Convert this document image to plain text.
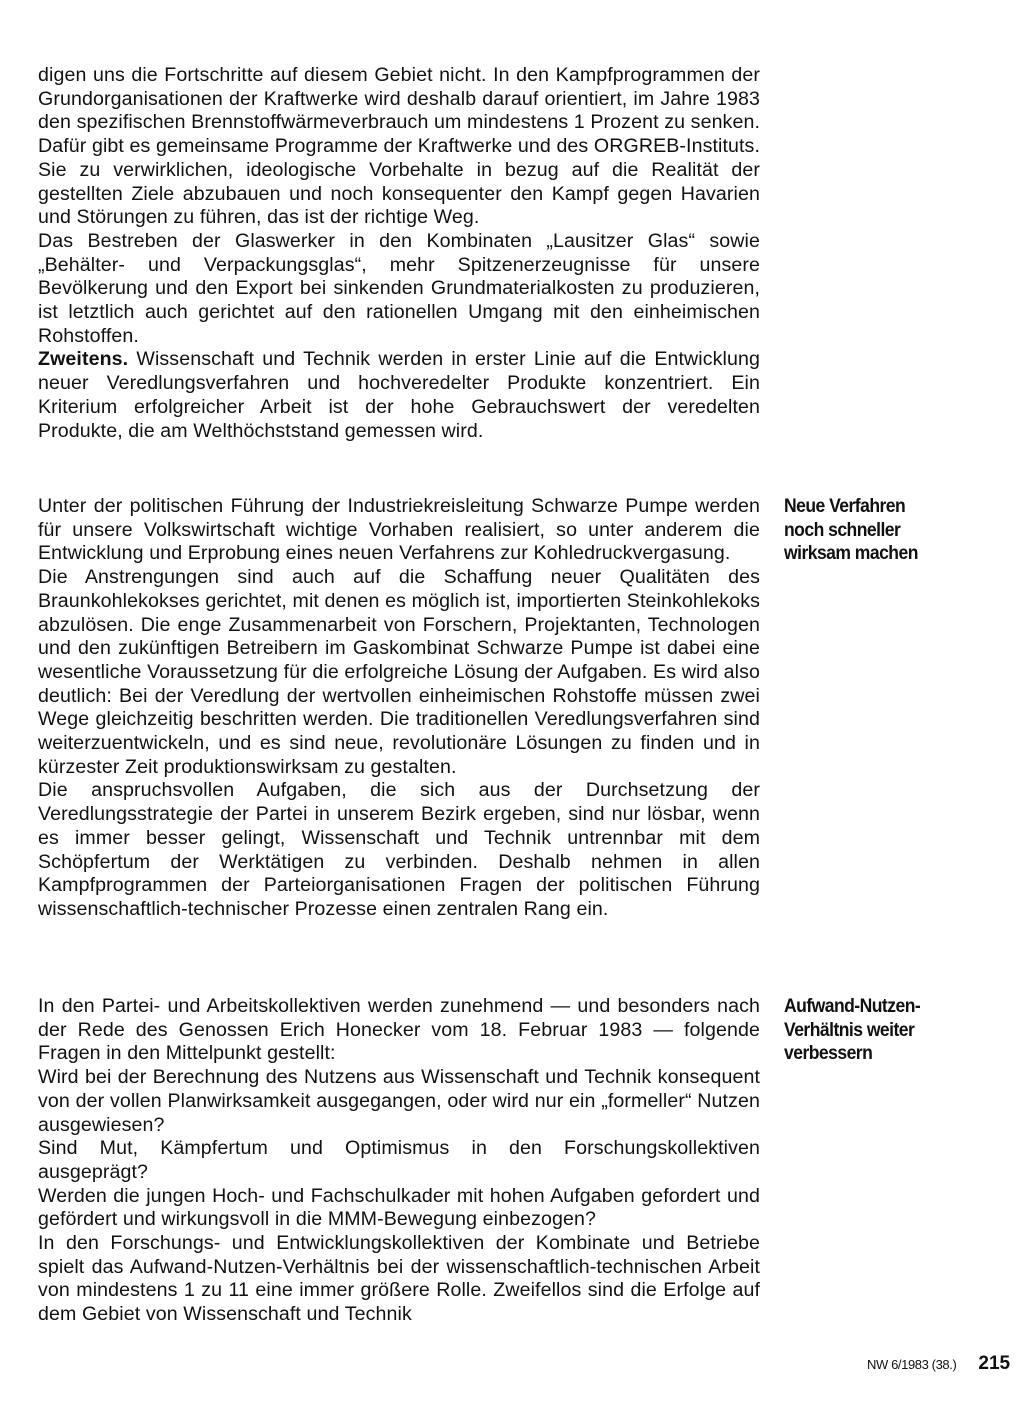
digen uns die Fortschritte auf diesem Gebiet nicht. In den Kampfprogrammen der Grundorganisationen der Kraftwerke wird deshalb darauf orientiert, im Jahre 1983 den spezifischen Brennstoffwärmeverbrauch um mindestens 1 Prozent zu senken. Dafür gibt es gemeinsame Programme der Kraftwerke und des ORGREB-Instituts. Sie zu verwirklichen, ideologische Vorbehalte in bezug auf die Realität der gestellten Ziele abzubauen und noch konsequenter den Kampf gegen Havarien und Störungen zu führen, das ist der richtige Weg.

Das Bestreben der Glaswerker in den Kombinaten „Lausitzer Glas“ sowie „Behälter- und Verpackungsglas“, mehr Spitzenerzeugnisse für unsere Bevölkerung und den Export bei sinkenden Grundmaterialkosten zu produzieren, ist letztlich auch gerichtet auf den rationellen Umgang mit den einheimischen Rohstoffen.

Zweitens. Wissenschaft und Technik werden in erster Linie auf die Entwicklung neuer Veredlungsverfahren und hochveredelter Produkte konzentriert. Ein Kriterium erfolgreicher Arbeit ist der hohe Gebrauchswert der veredelten Produkte, die am Welthöchststand gemessen wird.

Unter der politischen Führung der Industriekreisleitung Schwarze Pumpe werden für unsere Volkswirtschaft wichtige Vorhaben realisiert, so unter anderem die Entwicklung und Erprobung eines neuen Verfahrens zur Kohledruckvergasung.

Die Anstrengungen sind auch auf die Schaffung neuer Qualitäten des Braunkohlekokses gerichtet, mit denen es möglich ist, importierten Steinkohlekoks abzulösen. Die enge Zusammenarbeit von Forschern, Projektanten, Technologen und den zukünftigen Betreibern im Gaskombinat Schwarze Pumpe ist dabei eine wesentliche Voraussetzung für die erfolgreiche Lösung der Aufgaben. Es wird also deutlich: Bei der Veredlung der wertvollen einheimischen Rohstoffe müssen zwei Wege gleichzeitig beschritten werden. Die traditionellen Veredlungsverfahren sind weiterzuentwickeln, und es sind neue, revolutionäre Lösungen zu finden und in kürzester Zeit produktionswirksam zu gestalten.

Die anspruchsvollen Aufgaben, die sich aus der Durchsetzung der Veredlungsstrategie der Partei in unserem Bezirk ergeben, sind nur lösbar, wenn es immer besser gelingt, Wissenschaft und Technik untrennbar mit dem Schöpfertum der Werktätigen zu verbinden. Deshalb nehmen in allen Kampfprogrammen der Parteiorganisationen Fragen der politischen Führung wissenschaftlich-technischer Prozesse einen zentralen Rang ein.

In den Partei- und Arbeitskollektiven werden zunehmend — und besonders nach der Rede des Genossen Erich Honecker vom 18. Februar 1983 — folgende Fragen in den Mittelpunkt gestellt:

Wird bei der Berechnung des Nutzens aus Wissenschaft und Technik konsequent von der vollen Planwirksamkeit ausgegangen, oder wird nur ein „formeller“ Nutzen ausgewiesen?

Sind Mut, Kämpfertum und Optimismus in den Forschungskollektiven ausgeprägt?

Werden die jungen Hoch- und Fachschulkader mit hohen Aufgaben gefordert und gefördert und wirkungsvoll in die MMM-Bewegung einbezogen?

In den Forschungs- und Entwicklungskollektiven der Kombinate und Betriebe spielt das Aufwand-Nutzen-Verhältnis bei der wissenschaftlich-technischen Arbeit von mindestens 1 zu 11 eine immer größere Rolle. Zweifellos sind die Erfolge auf dem Gebiet von Wissenschaft und Technik

Neue Verfahren
noch schneller
wirksam machen
Aufwand-Nutzen-
Verhältnis weiter
verbessern
NW 6/1983 (38.) 215
